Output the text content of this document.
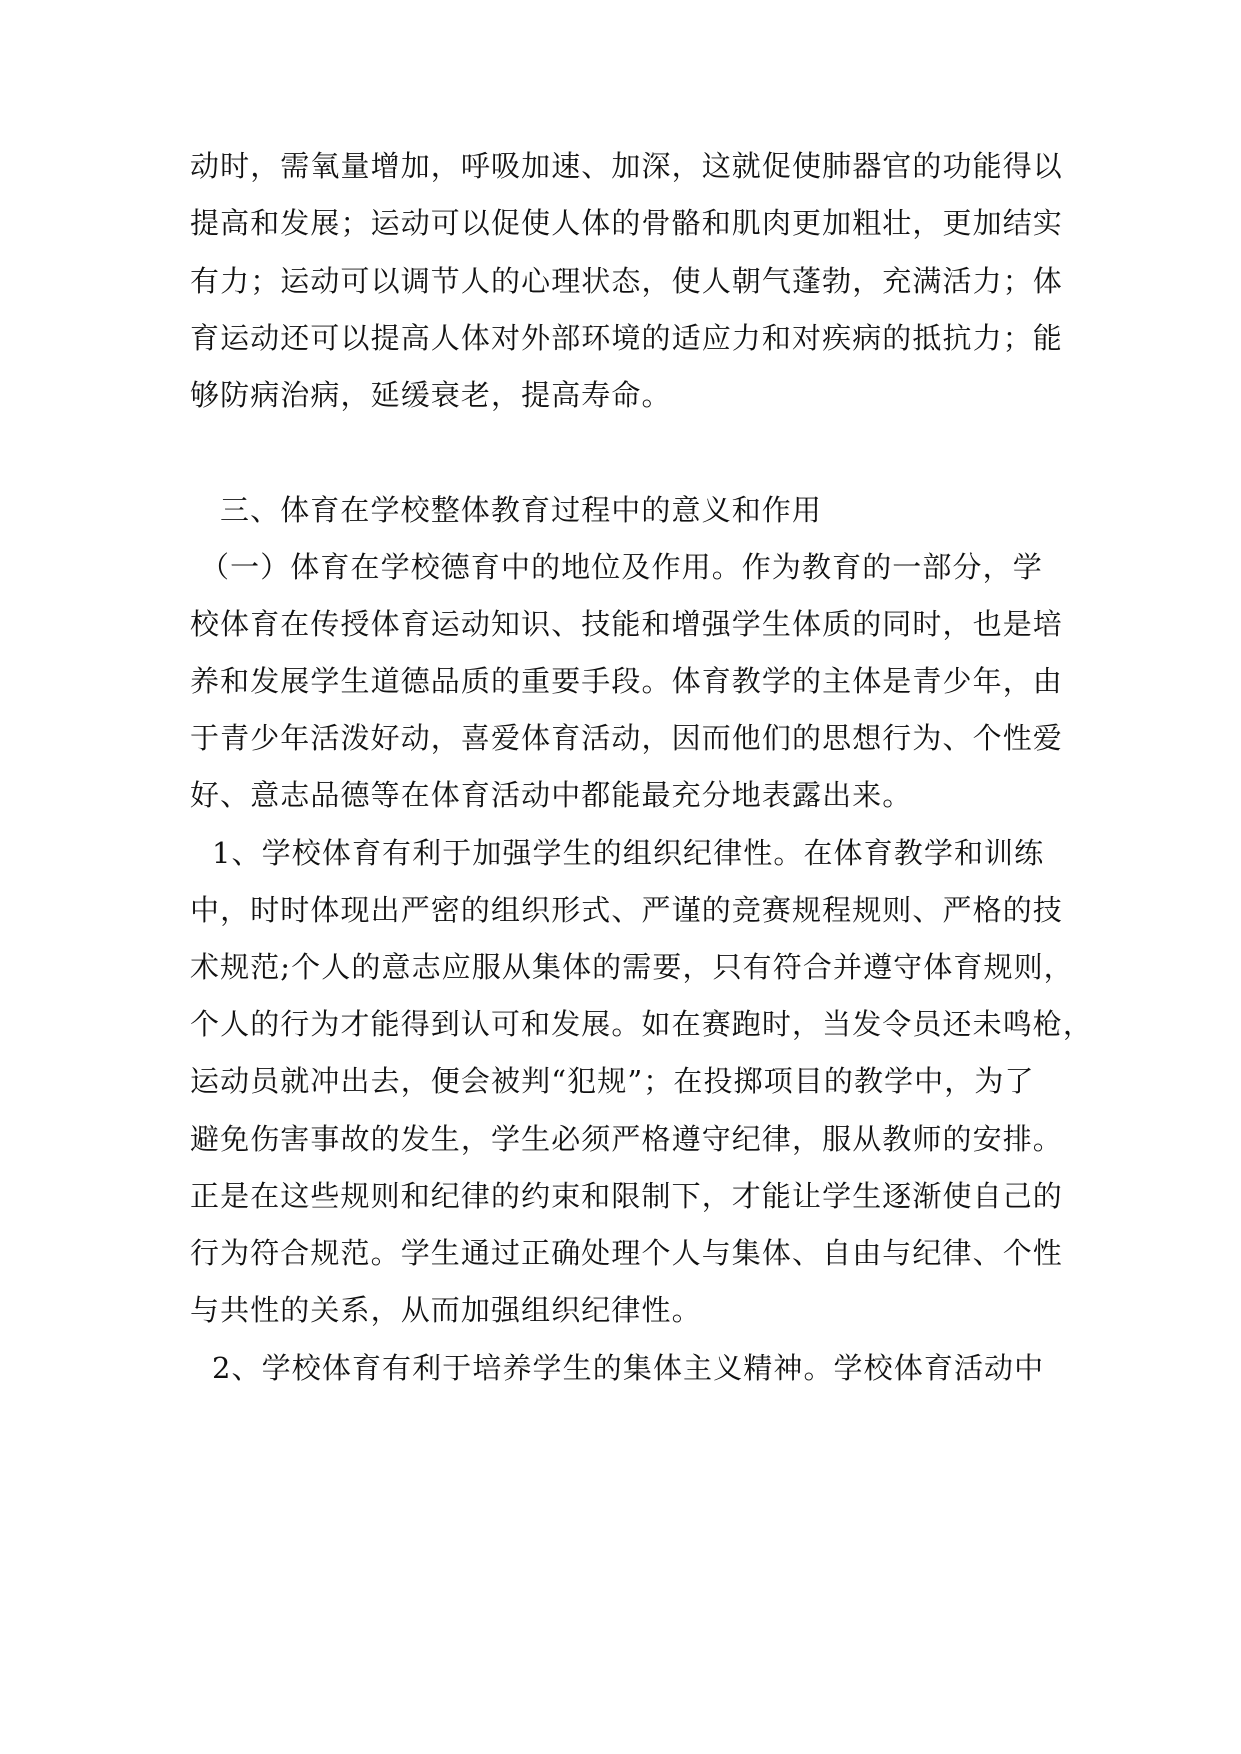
动时，需氧量增加，呼吸加速、加深，这就促使肺器官的功能得以
提高和发展；运动可以促使人体的骨骼和肌肉更加粗壮，更加结实
有力；运动可以调节人的心理状态，使人朝气蓬勃，充满活力；体
育运动还可以提高人体对外部环境的适应力和对疾病的抵抗力；能
够防病治病，延缓衰老，提高寿命。
三、体育在学校整体教育过程中的意义和作用
（一）体育在学校德育中的地位及作用。作为教育的一部分，学
校体育在传授体育运动知识、技能和增强学生体质的同时，也是培
养和发展学生道德品质的重要手段。体育教学的主体是青少年，由
于青少年活泼好动，喜爱体育活动，因而他们的思想行为、个性爱
好、意志品德等在体育活动中都能最充分地表露出来。
1、学校体育有利于加强学生的组织纪律性。在体育教学和训练
中，时时体现出严密的组织形式、严谨的竞赛规程规则、严格的技
术规范;个人的意志应服从集体的需要，只有符合并遵守体育规则，
个人的行为才能得到认可和发展。如在赛跑时，当发令员还未鸣枪，
运动员就冲出去，便会被判“犯规”；在投掷项目的教学中，为了
避免伤害事故的发生，学生必须严格遵守纪律，服从教师的安排。
正是在这些规则和纪律的约束和限制下，才能让学生逐渐使自己的
行为符合规范。学生通过正确处理个人与集体、自由与纪律、个性
与共性的关系，从而加强组织纪律性。
2、学校体育有利于培养学生的集体主义精神。学校体育活动中
